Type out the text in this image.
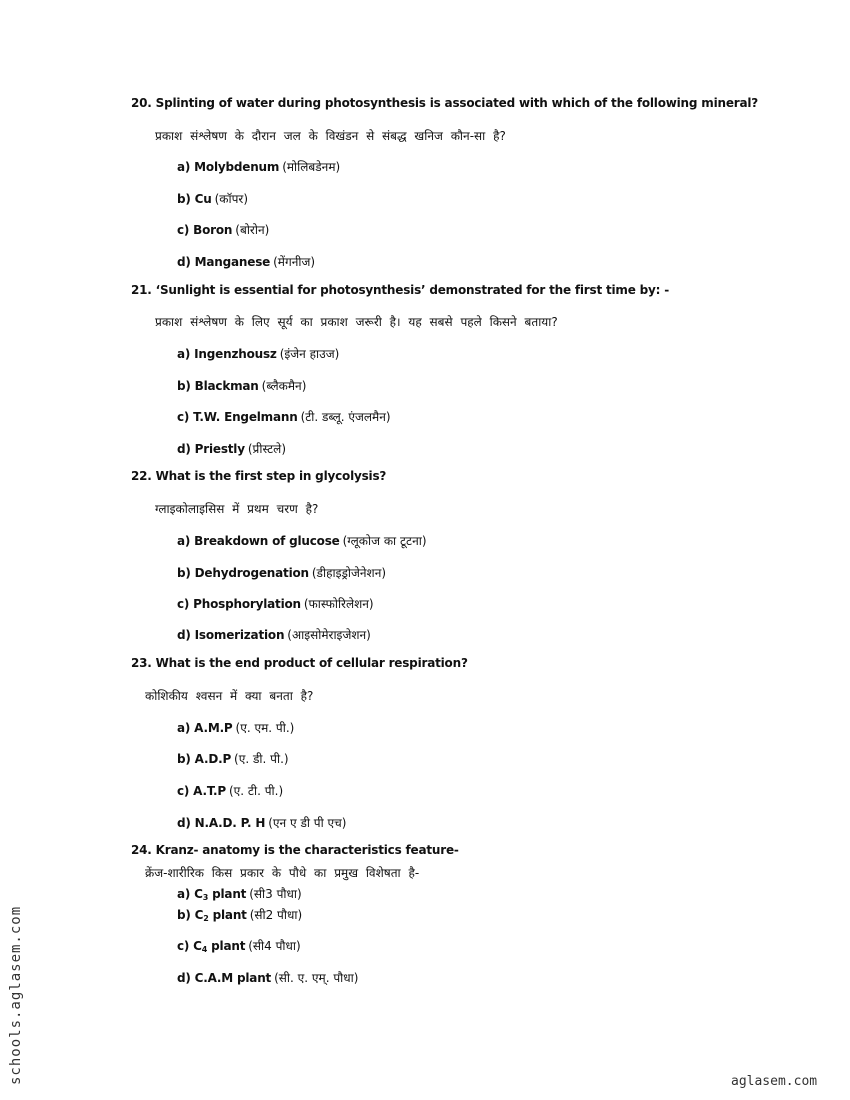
20. Splinting of water during photosynthesis is associated with which of the following mineral?
प्रकाश संश्लेषण के दौरान जल के विखंडन से संबद्ध खनिज कौन-सा है?
a) Molybdenum (मोलिबडेनम)
b) Cu (कॉपर)
c) Boron (बोरोन)
d) Manganese (मेंगनीज)
21. ‘Sunlight is essential for photosynthesis’ demonstrated for the first time by: -
प्रकाश संश्लेषण के लिए सूर्य का प्रकाश जरूरी है। यह सबसे पहले किसने बताया?
a) Ingenzhousz (इंजेन हाउज)
b) Blackman (ब्लैकमैन)
c) T.W. Engelmann (टी. डब्लू. एंजलमैन)
d) Priestly (प्रीस्टले)
22. What is the first step in glycolysis?
ग्लाइकोलाइसिस में प्रथम चरण है?
a) Breakdown of glucose (ग्लूकोज का टूटना)
b) Dehydrogenation (डीहाइड्रोजेनेशन)
c) Phosphorylation (फास्फोरिलेशन)
d) Isomerization (आइसोमेराइजेशन)
23. What is the end product of cellular respiration?
कोशिकीय श्वसन में क्या बनता है?
a) A.M.P (ए. एम. पी.)
b) A.D.P (ए. डी. पी.)
c) A.T.P (ए. टी. पी.)
d) N.A.D. P. H (एन ए डी पी एच)
24. Kranz- anatomy is the characteristics feature-
क्रेंज-शारीरिक किस प्रकार के पौधे का प्रमुख विशेषता है-
a) $C_3$ plant (सी3 पौधा)
b) $C_2$ plant (सी2 पौधा)
c) $C_4$ plant (सी4 पौधा)
d) C.A.M plant (सी. ए. एम्. पौधा)
schools.aglasem.com	aglasem.com
